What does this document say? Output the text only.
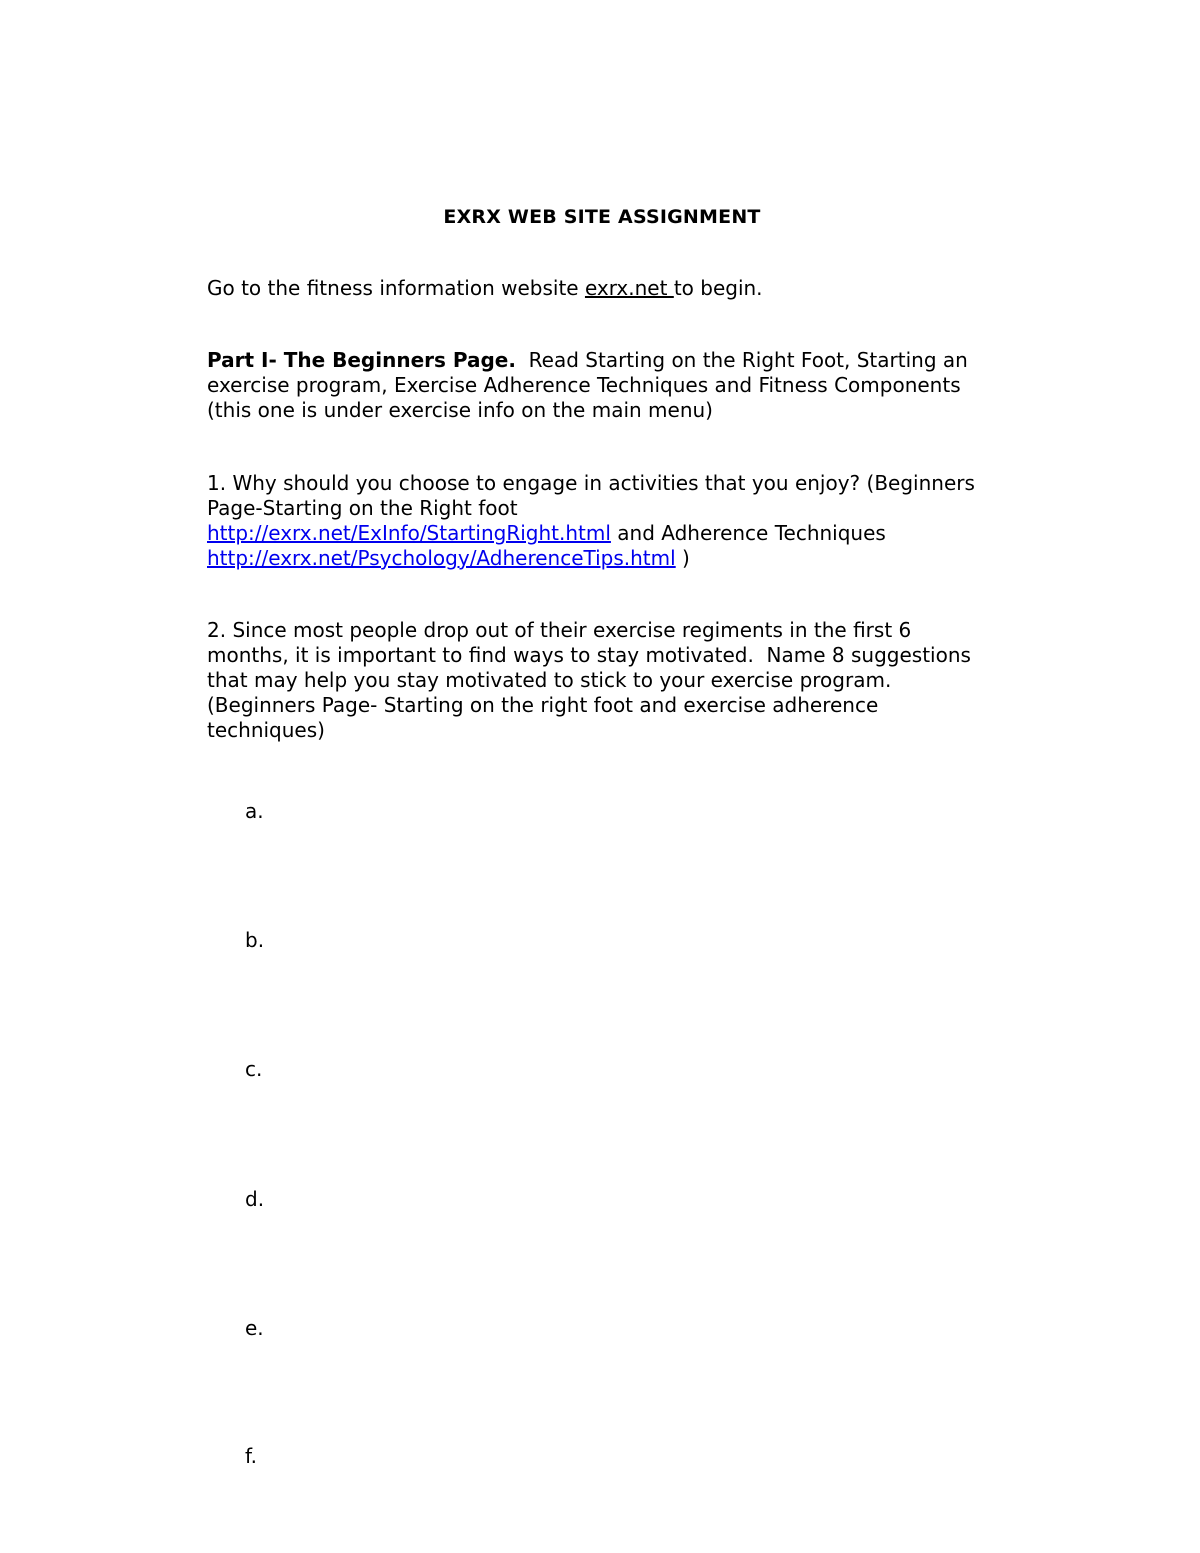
EXRX WEB SITE ASSIGNMENT

Go to the fitness information website exrx.net to begin.

Part I- The Beginners Page.  Read Starting on the Right Foot, Starting an exercise program, Exercise Adherence Techniques and Fitness Components (this one is under exercise info on the main menu)

1. Why should you choose to engage in activities that you enjoy? (Beginners Page-Starting on the Right foot
http://exrx.net/ExInfo/StartingRight.html and Adherence Techniques
http://exrx.net/Psychology/AdherenceTips.html )

2. Since most people drop out of their exercise regiments in the first 6 months, it is important to find ways to stay motivated.  Name 8 suggestions that may help you stay motivated to stick to your exercise program.  (Beginners Page- Starting on the right foot and exercise adherence techniques)

a.
b.
c.
d.
e.
f.
